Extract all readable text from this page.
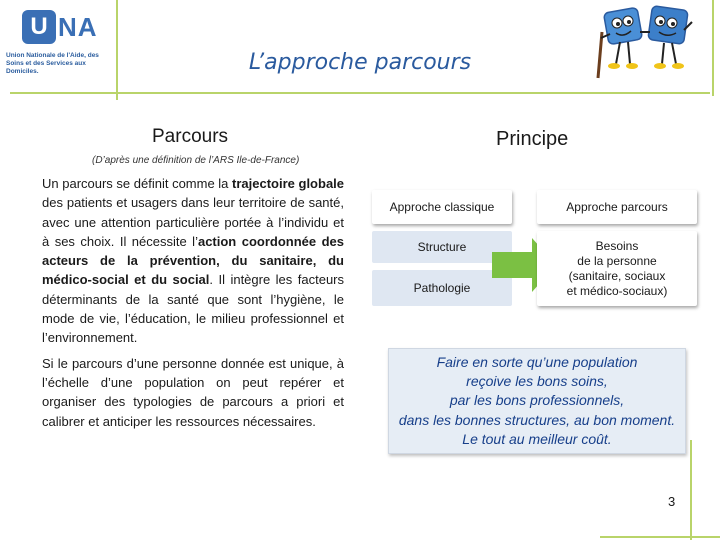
U NA
Union Nationale de l'Aide, des Soins et des Services aux Domiciles.	L’approche parcours
Parcours	Principe
(D’après une définition de l’ARS Ile-de-France)

Un parcours se définit comme la trajectoire globale des patients et usagers dans leur territoire de santé, avec une attention particulière portée à l’individu et à ses choix. Il nécessite l’action coordonnée des acteurs de la prévention, du sanitaire, du médico-social et du social. Il intègre les facteurs déterminants de la santé que sont l’hygiène, le mode de vie, l’éducation, le milieu professionnel et l’environnement.

Si le parcours d’une personne donnée est unique, à l’échelle d’une population on peut repérer et organiser des typologies de parcours a priori et calibrer et anticiper les ressources nécessaires.

Approche classique	Approche parcours
Structure
Pathologie
Besoins
de la personne
(sanitaire, sociaux
et médico-sociaux)
Faire en sorte qu’une population
reçoive les bons soins,
par les bons professionnels,
dans les bonnes structures, au bon moment.
Le tout au meilleur coût.
3
